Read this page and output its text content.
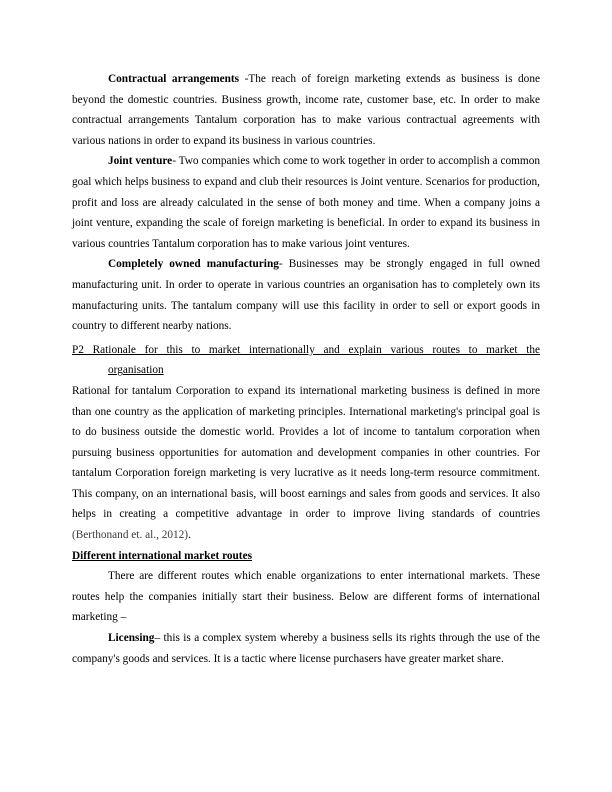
Contractual arrangements -The reach of foreign marketing extends as business is done beyond the domestic countries. Business growth, income rate, customer base, etc. In order to make contractual arrangements Tantalum corporation has to make various contractual agreements with various nations in order to expand its business in various countries.

Joint venture- Two companies which come to work together in order to accomplish a common goal which helps business to expand and club their resources is Joint venture. Scenarios for production, profit and loss are already calculated in the sense of both money and time. When a company joins a joint venture, expanding the scale of foreign marketing is beneficial. In order to expand its business in various countries Tantalum corporation has to make various joint ventures.

Completely owned manufacturing- Businesses may be strongly engaged in full owned manufacturing unit. In order to operate in various countries an organisation has to completely own its manufacturing units. The tantalum company will use this facility in order to sell or export goods in country to different nearby nations.

P2 Rationale for this to market internationally and explain various routes to market the
organisation

Rational for tantalum Corporation to expand its international marketing business is defined in more than one country as the application of marketing principles. International marketing's principal goal is to do business outside the domestic world. Provides a lot of income to tantalum corporation when pursuing business opportunities for automation and development companies in other countries. For tantalum Corporation foreign marketing is very lucrative as it needs long-term resource commitment. This company, on an international basis, will boost earnings and sales from goods and services. It also helps in creating a competitive advantage in order to improve living standards of countries (Berthonand et. al., 2012).

Different international market routes

There are different routes which enable organizations to enter international markets. These routes help the companies initially start their business. Below are different forms of international marketing –

Licensing– this is a complex system whereby a business sells its rights through the use of the company's goods and services. It is a tactic where license purchasers have greater market share.
